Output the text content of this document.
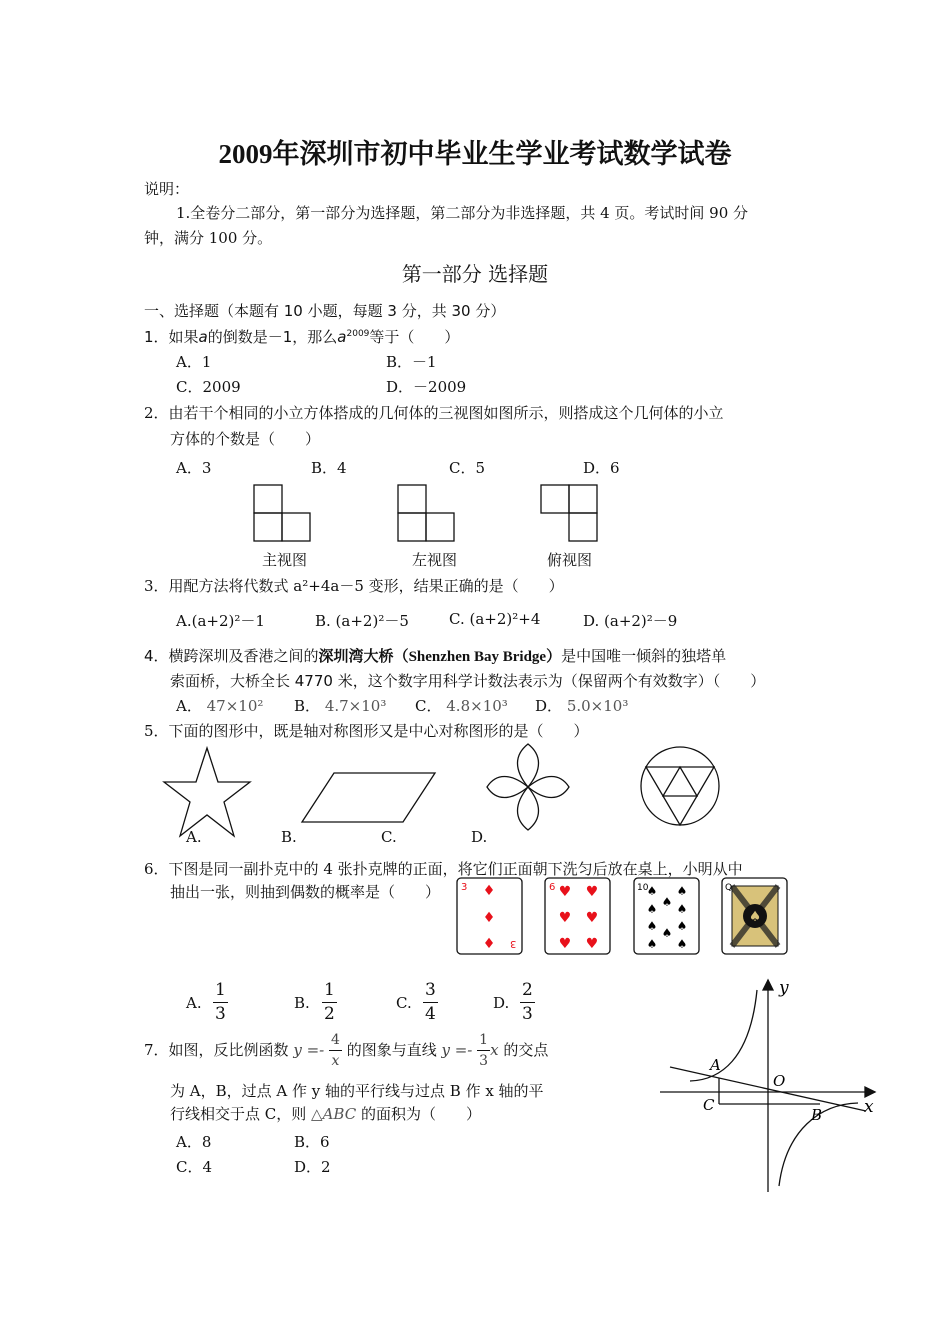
2009年深圳市初中毕业生学业考试数学试卷
说明：
1.全卷分二部分，第一部分为选择题，第二部分为非选择题，共 4 页。考试时间 90 分
钟，满分 100 分。
第一部分 选择题
一、选择题（本题有 10 小题，每题 3 分，共 30 分）
1．如果a的倒数是－1，那么$a^{2009}$等于（　　）
A．1	B．－1
C．2009	D．－2009
2．由若干个相同的小立方体搭成的几何体的三视图如图所示，则搭成这个几何体的小立
方体的个数是（　　）
A．3	B．4	C．5	D．6
主视图	左视图	俯视图
3．用配方法将代数式 a²+4a－5 变形，结果正确的是（　　）
A.(a+2)²－1	B. (a+2)²－5	C. (a+2)²+4	D. (a+2)²－9
4．横跨深圳及香港之间的深圳湾大桥（Shenzhen Bay Bridge）是中国唯一倾斜的独塔单
索面桥，大桥全长 4770 米，这个数字用科学计数法表示为（保留两个有效数字）（　　）
A． 47×10² B． 4.7×10³ C． 4.8×10³ D． 5.0×10³
5．下面的图形中，既是轴对称图形又是中心对称图形的是（　　）
A.	B.	C.	D.
6．下图是同一副扑克中的 4 张扑克牌的正面，将它们正面朝下洗匀后放在桌上，小明从中
抽出一张，则抽到偶数的概率是（　　） 3
3
♦
♦
♦
6 ♥ ♥
♥ ♥
♥ ♥
10
♠ ♠
♠
♠ ♠
♠ ♠
♠
♠ ♠
Q
♠
A. $\frac{1}{3}$	B. $\frac{1}{2}$	C. $\frac{3}{4}$	D. $\frac{2}{3}$
7．如图，反比例函数 $y =- \frac{4}{x}$ 的图象与直线 $y =- \frac{1}{3}$ x 的交点
为 A，B，过点 A 作 y 轴的平行线与过点 B 作 x 轴的平
行线相交于点 C，则 △ABC 的面积为（　　）
A．8	B．6
C．4	D．2
y
x
O
A
B
C
